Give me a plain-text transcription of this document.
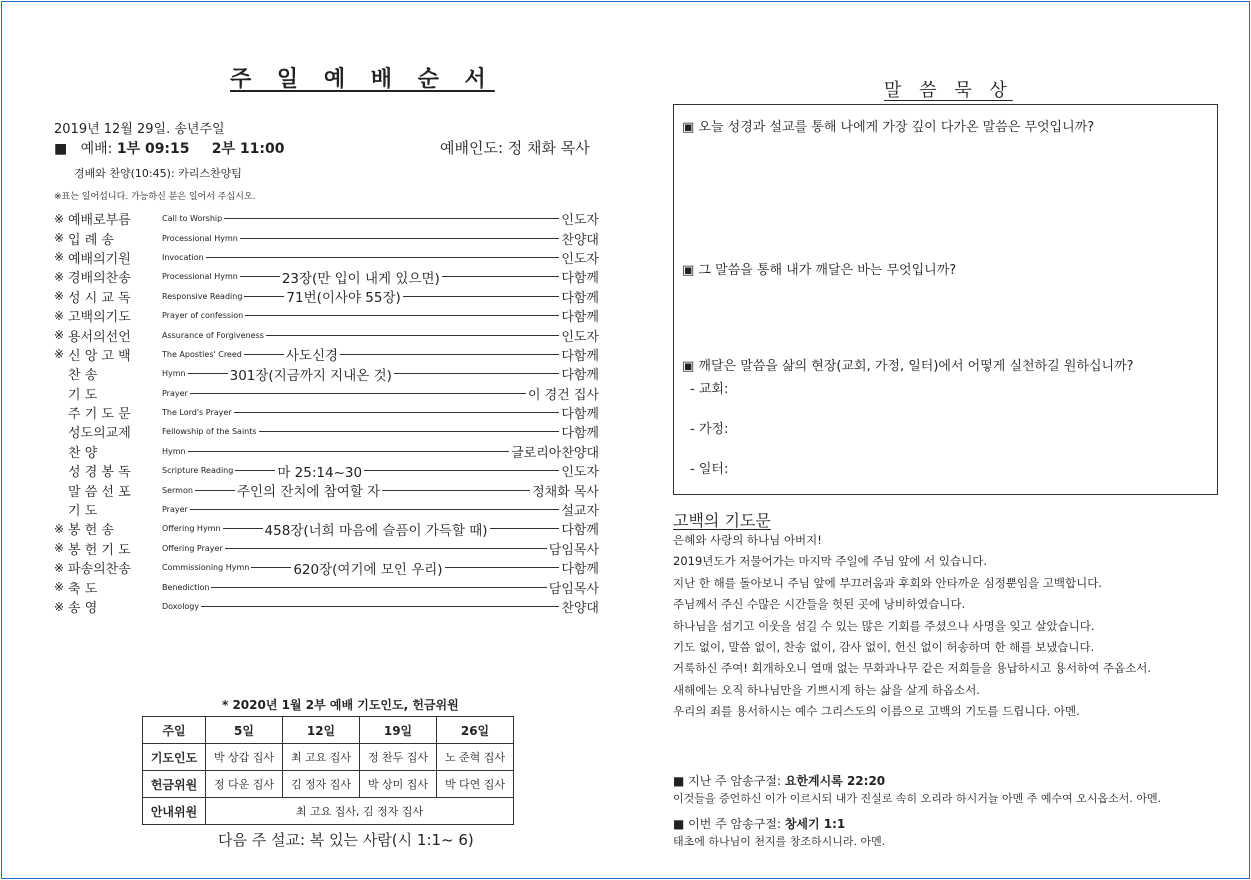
주 일 예 배 순 서
2019년 12월 29일. 송년주일
■ 예배: 1부 09:15 2부 11:00	예배인도: 정 채화 목사
경배와 찬양(10:45): 카리스찬양팀
※표는 일어섭니다. 가능하신 분은 일어서 주십시오.
※ 예배로부름	Call to Worship	인도자
※ 입 례 송	Processional Hymn	찬양대
※ 예배의기원	Invocation	인도자
※ 경배의찬송	Processional Hymn	23장(만 입이 내게 있으면)	다함께
※ 성 시 교 독	Responsive Reading	71번(이사야 55장)	다함께
※ 고백의기도	Prayer of confession	다함께
※ 용서의선언	Assurance of Forgiveness	인도자
※ 신 앙 고 백	The Apostles' Creed	사도신경	다함께
찬 송	Hymn	301장(지금까지 지내온 것)	다함께
기 도	Prayer	이 경건 집사
주 기 도 문	The Lord's Prayer	다함께
성도의교제	Fellowship of the Saints	다함께
찬 양	Hymn	글로리아찬양대
성 경 봉 독	Scripture Reading	마 25:14~30	인도자
말 씀 선 포	Sermon	주인의 잔치에 참여할 자	정채화 목사
기 도	Prayer	설교자
※ 봉 헌 송	Offering Hymn	458장(너희 마음에 슬픔이 가득할 때)	다함께
※ 봉 헌 기 도	Offering Prayer	담임목사
※ 파송의찬송	Commissioning Hymn	620장(여기에 모인 우리)	다함께
※ 축 도	Benediction	담임목사
※ 송 영	Doxology	찬양대
* 2020년 1월 2부 예배 기도인도, 헌금위원
주일	5일	12일	19일	26일
기도인도	박 상갑 집사	최 고요 집사	정 찬두 집사	노 준혁 집사
헌금위원	정 다운 집사	김 정자 집사	박 상미 집사	박 다연 집사
안내위원	최 고요 집사, 김 정자 집사			
다음 주 설교: 복 있는 사람(시 1:1~ 6)
말 씀 묵 상
▣ 오늘 성경과 설교를 통해 나에게 가장 깊이 다가온 말씀은 무엇입니까?
▣ 그 말씀을 통해 내가 깨달은 바는 무엇입니까?
▣ 깨달은 말씀을 삶의 현장(교회, 가정, 일터)에서 어떻게 실천하길 원하십니까?
- 교회:
- 가정:
- 일터:
고백의 기도문
은혜와 사랑의 하나님 아버지!
2019년도가 저물어가는 마지막 주일에 주님 앞에 서 있습니다.
지난 한 해를 돌아보니 주님 앞에 부끄러움과 후회와 안타까운 심정뿐임을 고백합니다.
주님께서 주신 수많은 시간들을 헛된 곳에 낭비하였습니다.
하나님을 섬기고 이웃을 섬길 수 있는 많은 기회를 주셨으나 사명을 잊고 살았습니다.
기도 없이, 말씀 없이, 찬송 없이, 감사 없이, 헌신 없이 허송하며 한 해를 보냈습니다.
거룩하신 주여! 회개하오니 열매 없는 무화과나무 같은 저희들을 용납하시고 용서하여 주옵소서.
새해에는 오직 하나님만을 기쁘시게 하는 삶을 살게 하옵소서.
우리의 죄를 용서하시는 예수 그리스도의 이름으로 고백의 기도를 드립니다. 아멘.
■ 지난 주 암송구절: 요한계시록 22:20
이것들을 증언하신 이가 이르시되 내가 진실로 속히 오리라 하시거늘 아멘 주 예수여 오시옵소서. 아멘.
■ 이번 주 암송구절: 창세기 1:1
태초에 하나님이 천지를 창조하시니라. 아멘.
